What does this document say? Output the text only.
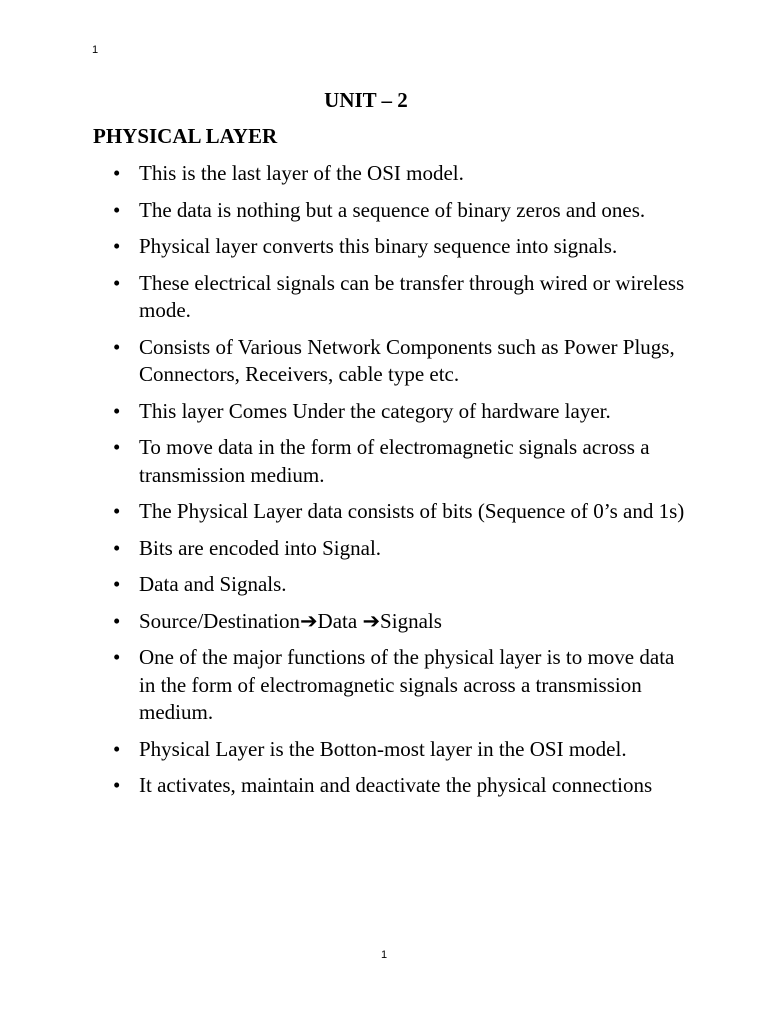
1
UNIT – 2
PHYSICAL LAYER
• This is the last layer of the OSI model.
• The data is nothing but a sequence of binary zeros and ones.
• Physical layer converts this binary sequence into signals.
• These electrical signals can be transfer through wired or wireless mode.
• Consists of Various Network Components such as Power Plugs, Connectors, Receivers, cable type etc.
• This layer Comes Under the category of hardware layer.
• To move data in the form of electromagnetic signals across a transmission medium.
• The Physical Layer data consists of bits (Sequence of 0’s and 1s)
• Bits are encoded into Signal.
• Data and Signals.
• Source/Destination➔Data ➔Signals
• One of the major functions of the physical layer is to move data in the form of electromagnetic signals across a transmission medium.
• Physical Layer is the Botton-most layer in the OSI model.
• It activates, maintain and deactivate the physical connections
1
